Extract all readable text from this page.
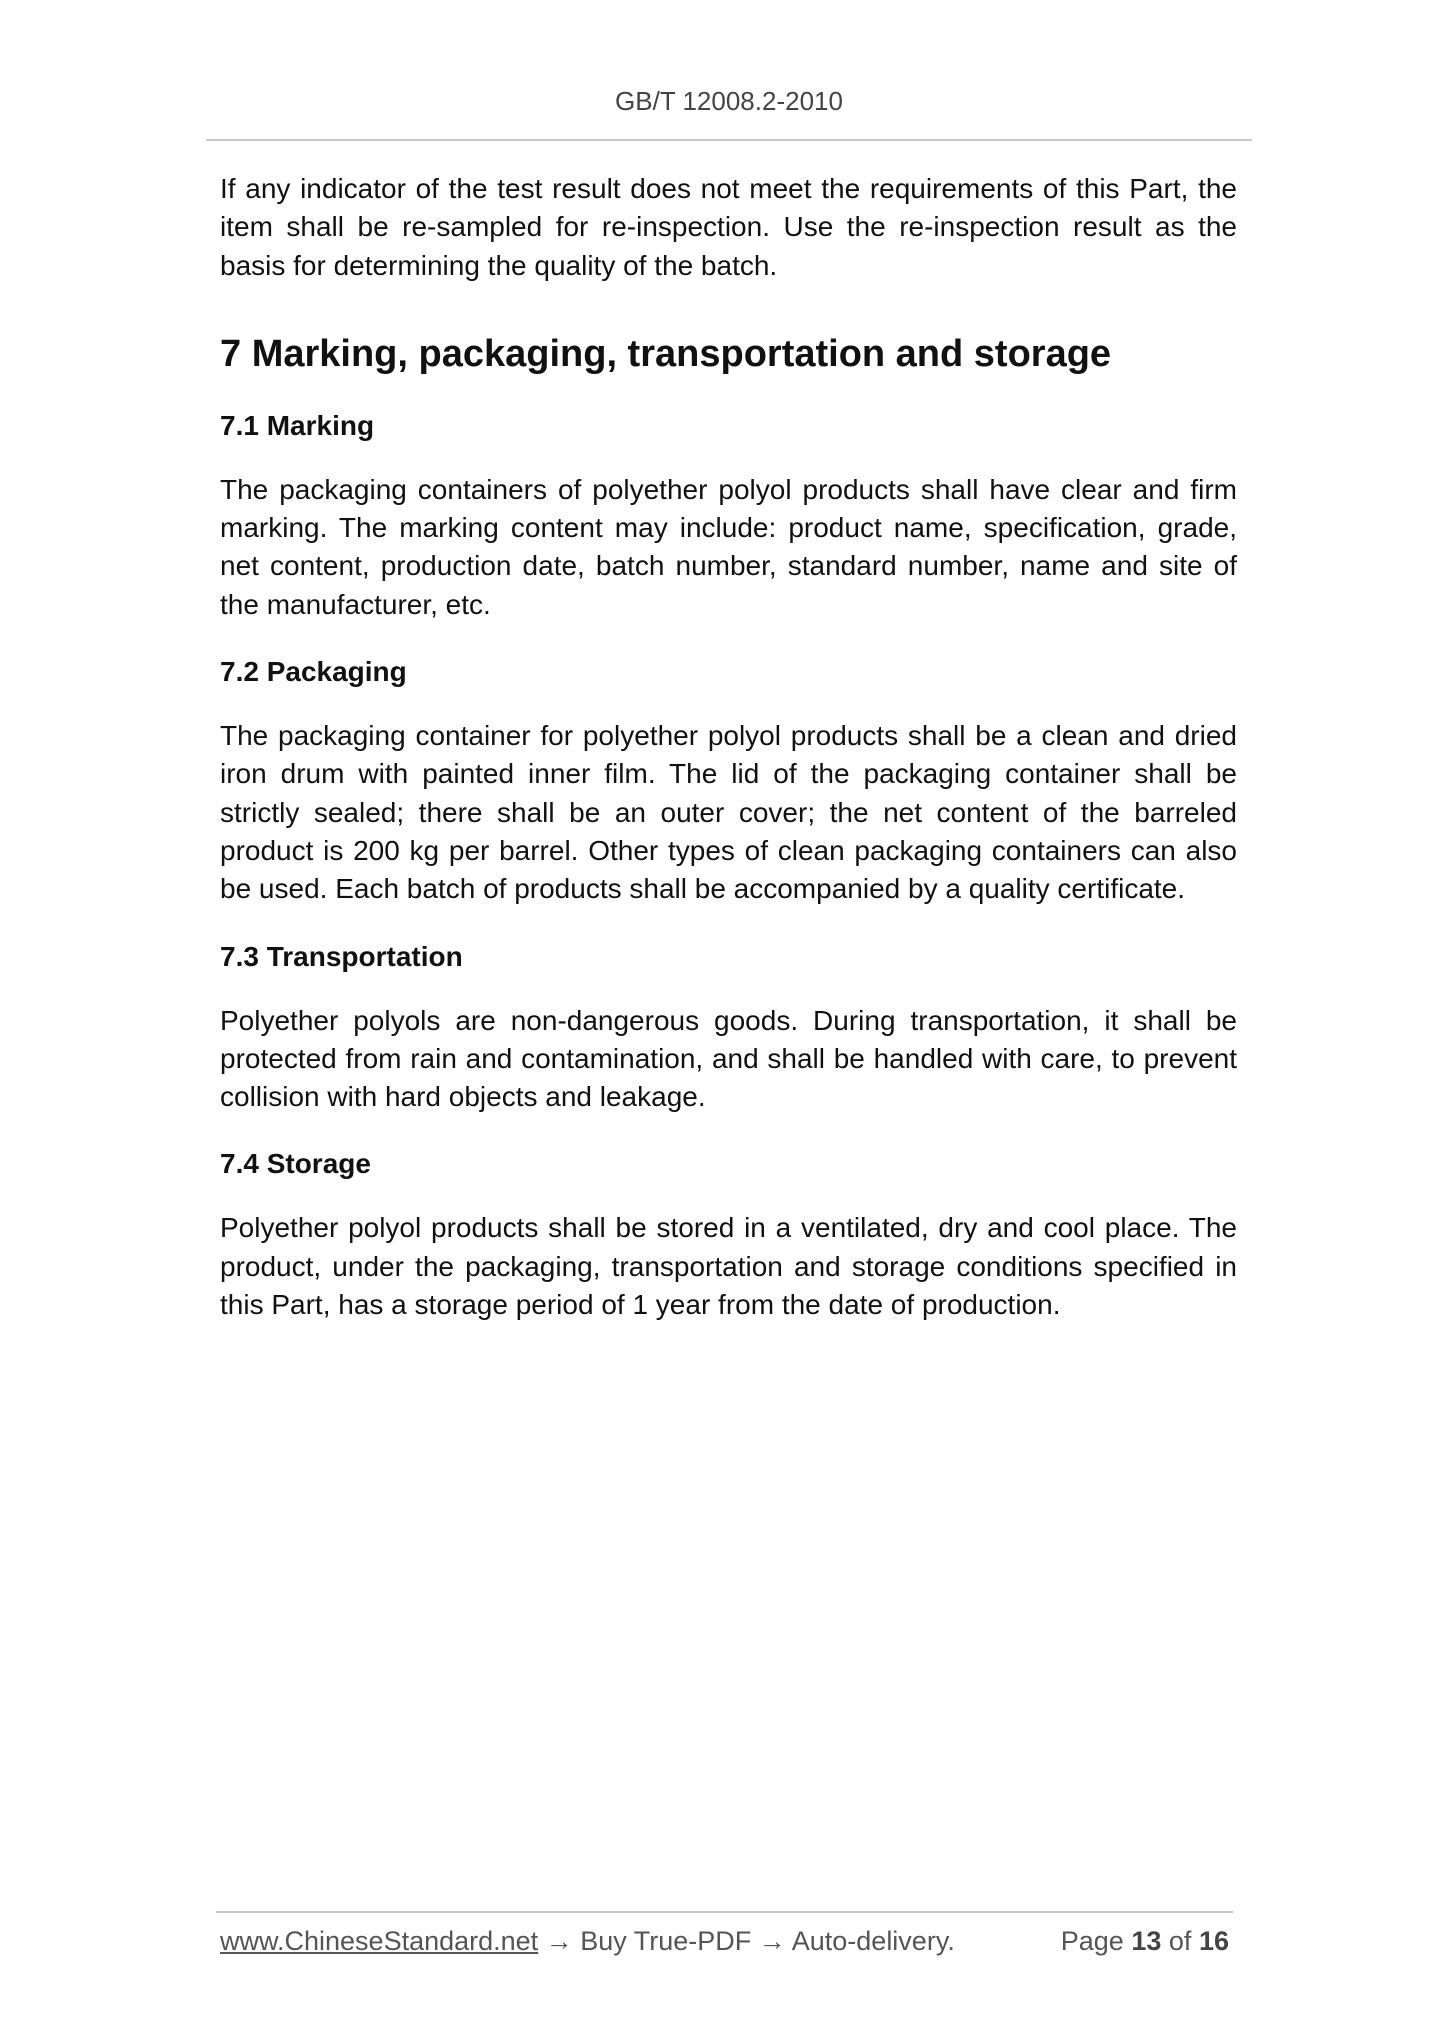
GB/T 12008.2-2010

If any indicator of the test result does not meet the requirements of this Part, the item shall be re-sampled for re-inspection. Use the re-inspection result as the basis for determining the quality of the batch.

7 Marking, packaging, transportation and storage
7.1 Marking

The packaging containers of polyether polyol products shall have clear and firm marking. The marking content may include: product name, specification, grade, net content, production date, batch number, standard number, name and site of the manufacturer, etc.

7.2 Packaging

The packaging container for polyether polyol products shall be a clean and dried iron drum with painted inner film. The lid of the packaging container shall be strictly sealed; there shall be an outer cover; the net content of the barreled product is 200 kg per barrel. Other types of clean packaging containers can also be used. Each batch of products shall be accompanied by a quality certificate.

7.3 Transportation

Polyether polyols are non-dangerous goods. During transportation, it shall be protected from rain and contamination, and shall be handled with care, to prevent collision with hard objects and leakage.

7.4 Storage

Polyether polyol products shall be stored in a ventilated, dry and cool place. The product, under the packaging, transportation and storage conditions specified in this Part, has a storage period of 1 year from the date of production.

www.ChineseStandard.net → Buy True-PDF → Auto-delivery.	Page 13 of 16
